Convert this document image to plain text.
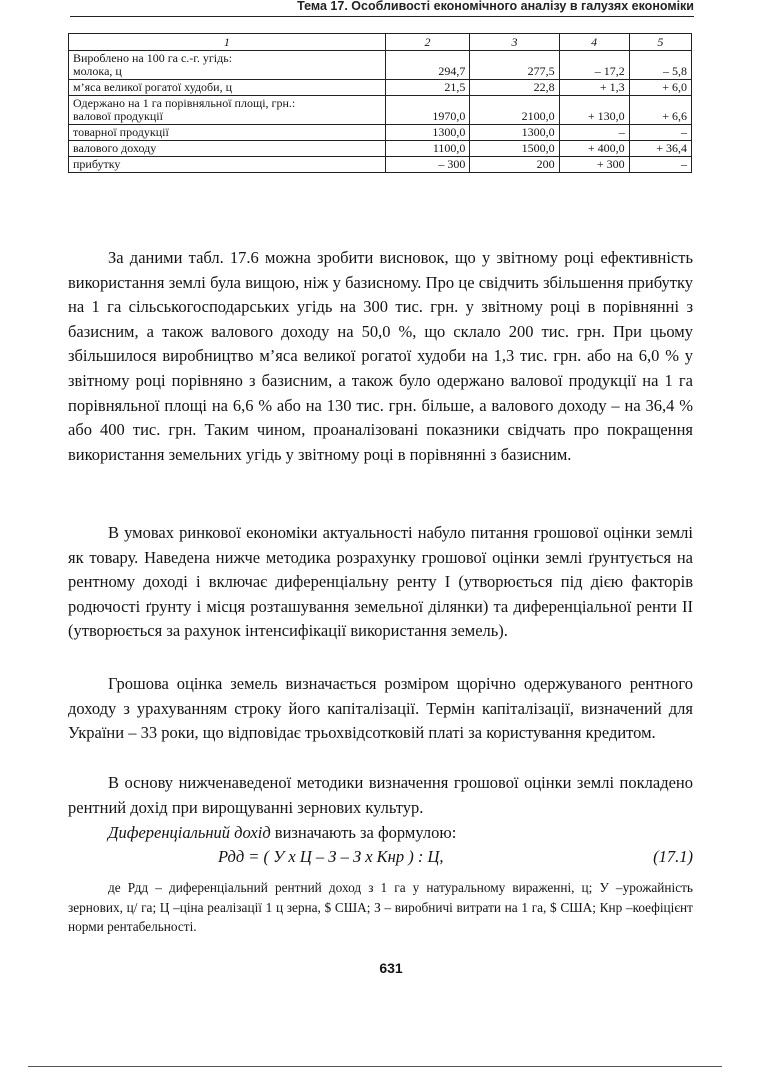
Тема 17. Особливості економічного аналізу в галузях економіки
1	2	3	4	5

Вироблено на 100 га с.-г. угідь:
молока, ц	294,7	277,5	– 17,2	– 5,8

м’яса великої рогатої худоби, ц	21,5	22,8	+ 1,3	+ 6,0

Одержано на 1 га порівняльної площі, грн.:
валової продукції	1970,0	2100,0	+ 130,0	+ 6,6

товарної продукції	1300,0	1300,0	–	–

валового доходу	1100,0	1500,0	+ 400,0	+ 36,4

прибутку	– 300	200	+ 300	–

За даними табл. 17.6 можна зробити висновок, що у звітному році ефективність використання землі була вищою, ніж у базисному. Про це свідчить збільшення прибутку на 1 га сільськогосподарських угідь на 300 тис. грн. у звітному році в порівнянні з базисним, а також валового доходу на 50,0 %, що склало 200 тис. грн. При цьому збільшилося виробництво м’яса великої рогатої худоби на 1,3 тис. грн. або на 6,0 % у звітному році порівняно з базисним, а також було одержано валової продукції на 1 га порівняльної площі на 6,6 % або на 130 тис. грн. більше, а валового доходу – на 36,4 % або 400 тис. грн. Таким чином, проаналізовані показники свідчать про покращення використання земельних угідь у звітному році в порівнянні з базисним.

В умовах ринкової економіки актуальності набуло питання грошової оцінки землі як товару. Наведена нижче методика розрахунку грошової оцінки землі ґрунтується на рентному доході і включає диференціальну ренту I (утворюється під дією факторів родючості ґрунту і місця розташування земельної ділянки) та диференціальної ренти II (утворюється за рахунок інтенсифікації використання земель).

Грошова оцінка земель визначається розміром щорічно одержуваного рентного доходу з урахуванням строку його капіталізації. Термін капіталізації, визначений для України – 33 роки, що відповідає трьохвідсотковій платі за користування кредитом.

В основу нижченаведеної методики визначення грошової оцінки землі покладено рентний дохід при вирощуванні зернових культур.

Диференціальний дохід визначають за формулою:

Рдд = ( У х Ц – З – З х Кнр ) : Ц,	(17.1)

де Рдд – диференціальний рентний доход з 1 га у натуральному вираженні, ц; У –урожайність зернових, ц/ га; Ц –ціна реалізації 1 ц зерна, $ США; З – виробничі витрати на 1 га, $ США; Кнр –коефіцієнт норми рентабельності.

631
